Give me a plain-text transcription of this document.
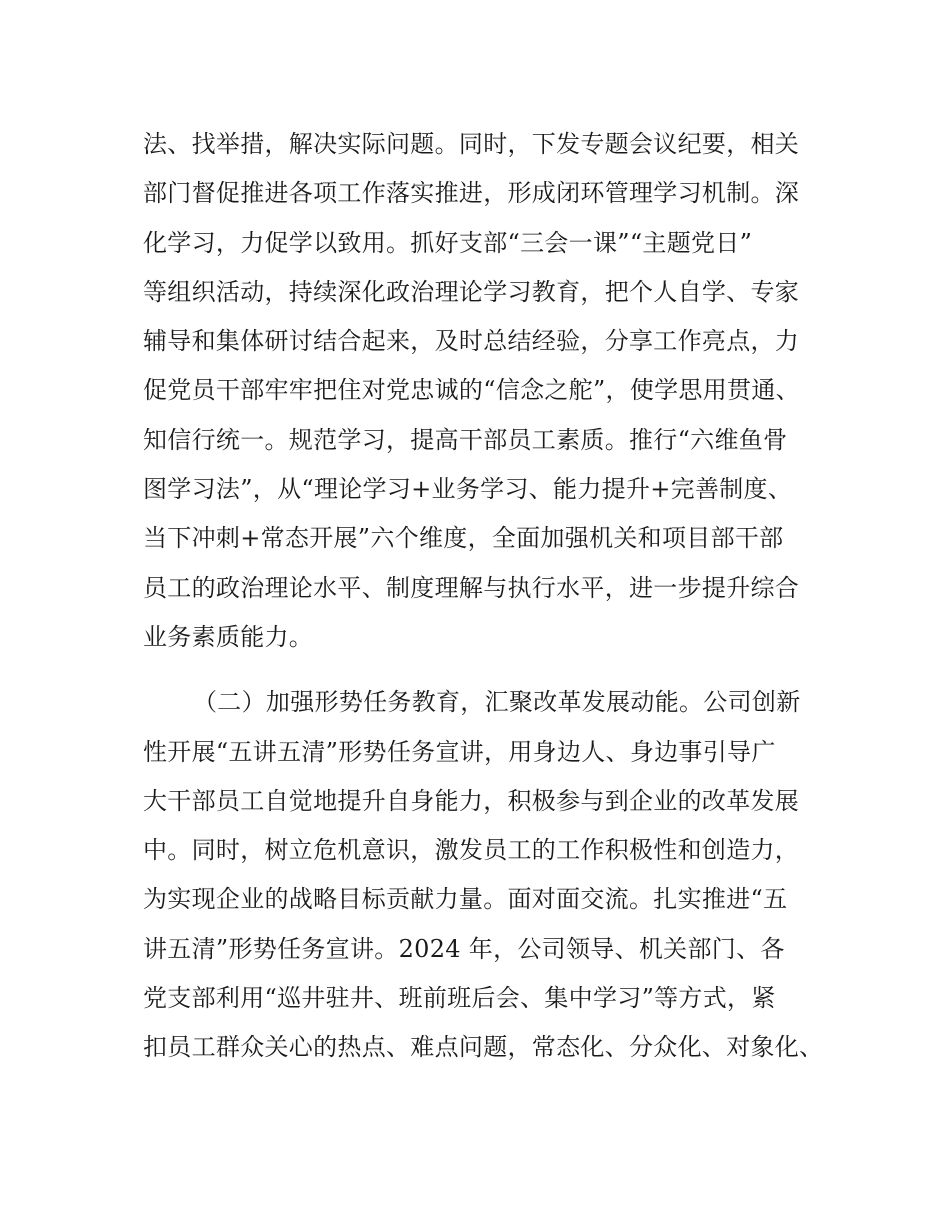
法、找举措，解决实际问题。同时，下发专题会议纪要，相关
部门督促推进各项工作落实推进，形成闭环管理学习机制。深
化学习，力促学以致用。抓好支部“三会一课”“主题党日”
等组织活动，持续深化政治理论学习教育，把个人自学、专家
辅导和集体研讨结合起来，及时总结经验，分享工作亮点，力
促党员干部牢牢把住对党忠诚的“信念之舵”，使学思用贯通、
知信行统一。规范学习，提高干部员工素质。推行“六维鱼骨
图学习法”，从“理论学习+业务学习、能力提升+完善制度、
当下冲刺+常态开展”六个维度，全面加强机关和项目部干部
员工的政治理论水平、制度理解与执行水平，进一步提升综合
业务素质能力。
（二）加强形势任务教育，汇聚改革发展动能。公司创新
性开展“五讲五清”形势任务宣讲，用身边人、身边事引导广
大干部员工自觉地提升自身能力，积极参与到企业的改革发展
中。同时，树立危机意识，激发员工的工作积极性和创造力，
为实现企业的战略目标贡献力量。面对面交流。扎实推进“五
讲五清”形势任务宣讲。2024 年，公司领导、机关部门、各
党支部利用“巡井驻井、班前班后会、集中学习”等方式，紧
扣员工群众关心的热点、难点问题，常态化、分众化、对象化、
